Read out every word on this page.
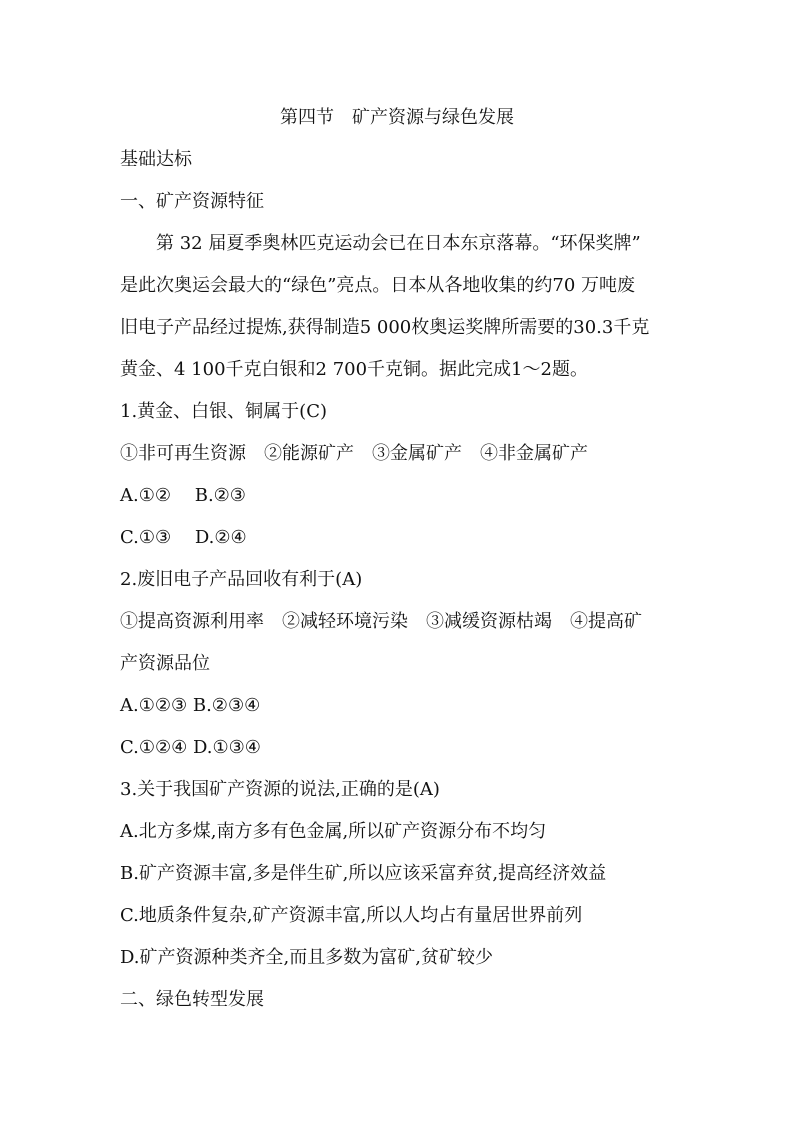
第四节　矿产资源与绿色发展
基础达标
一、矿产资源特征
第 32 届夏季奥林匹克运动会已在日本东京落幕。“环保奖牌”
是此次奥运会最大的“绿色”亮点。日本从各地收集的约70 万吨废
旧电子产品经过提炼,获得制造5 000枚奥运奖牌所需要的30.3千克
黄金、4 100千克白银和2 700千克铜。据此完成1～2题。
1.黄金、白银、铜属于(C)
①非可再生资源　②能源矿产　③金属矿产　④非金属矿产
A.①②　 B.②③
C.①③　 D.②④
2.废旧电子产品回收有利于(A)
①提高资源利用率　②减轻环境污染　③减缓资源枯竭　④提高矿
产资源品位
A.①②③ B.②③④
C.①②④ D.①③④
3.关于我国矿产资源的说法,正确的是(A)
A.北方多煤,南方多有色金属,所以矿产资源分布不均匀
B.矿产资源丰富,多是伴生矿,所以应该采富弃贫,提高经济效益
C.地质条件复杂,矿产资源丰富,所以人均占有量居世界前列
D.矿产资源种类齐全,而且多数为富矿,贫矿较少
二、绿色转型发展
